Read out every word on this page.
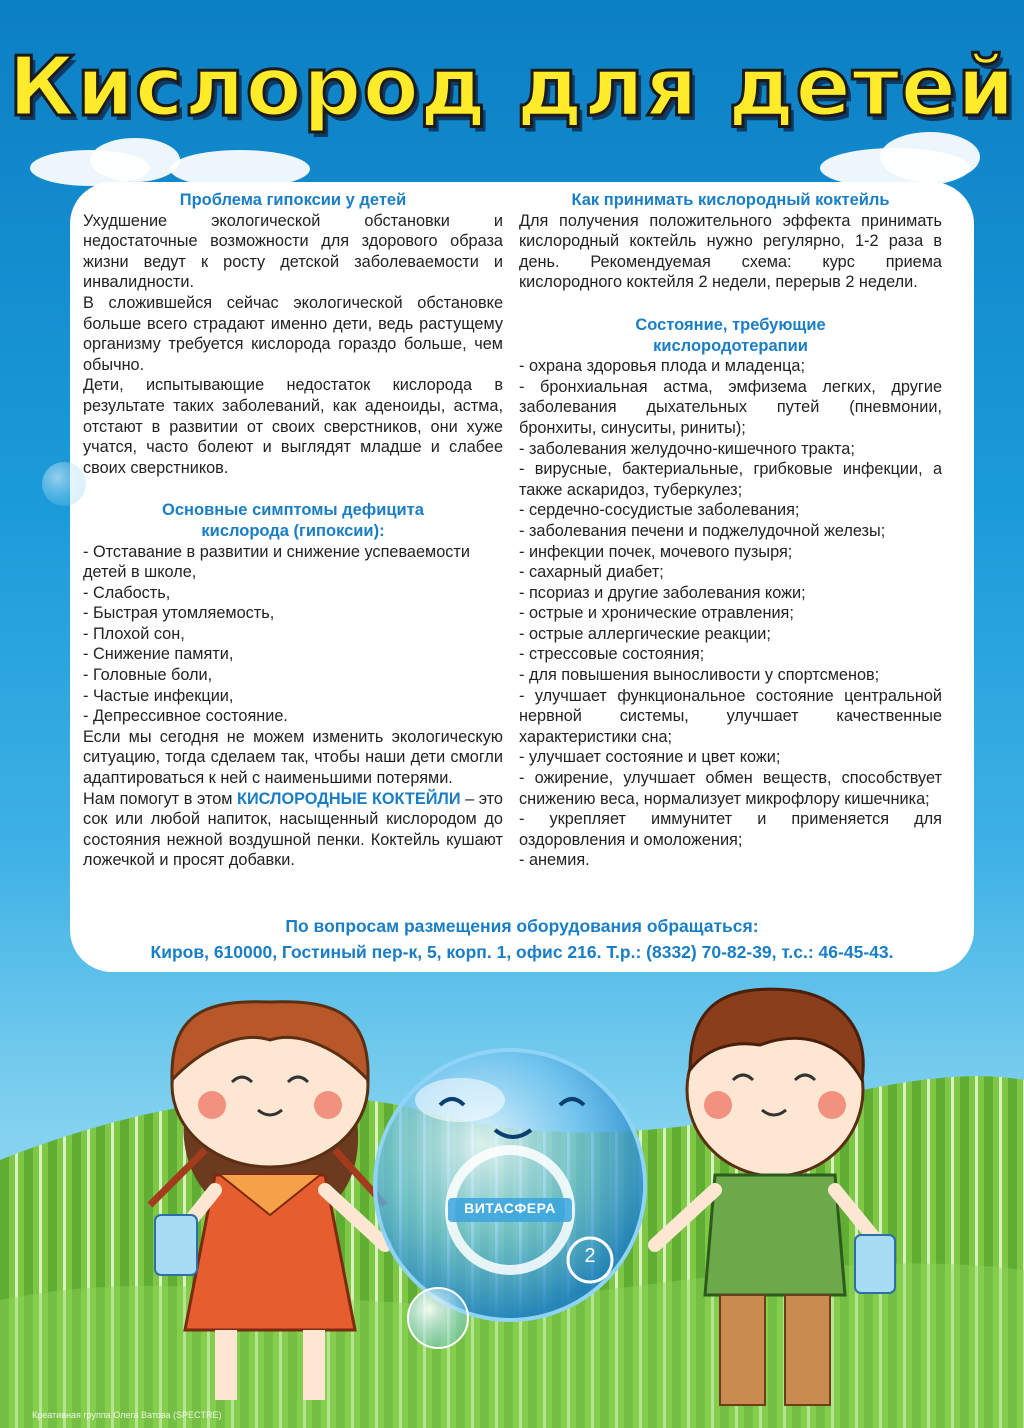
Кислород для детей
Проблема гипоксии у детей

Ухудшение экологической обстановки и недостаточные возможности для здорового образа жизни ведут к росту детской заболеваемости и инвалидности.

В сложившейся сейчас экологической обстановке больше всего страдают именно дети, ведь растущему организму требуется кислорода гораздо больше, чем обычно.

Дети, испытывающие недостаток кислорода в результате таких заболеваний, как аденоиды, астма, отстают в развитии от своих сверстников, они хуже учатся, часто болеют и выглядят младше и слабее своих сверстников.

Основные симптомы дефицита кислорода (гипоксии):
- Отставание в развитии и снижение успеваемости детей в школе,
- Слабость,
- Быстрая утомляемость,
- Плохой сон,
- Снижение памяти,
- Головные боли,
- Частые инфекции,
- Депрессивное состояние.

Если мы сегодня не можем изменить экологическую ситуацию, тогда сделаем так, чтобы наши дети смогли адаптироваться к ней с наименьшими потерями.

Нам помогут в этом КИСЛОРОДНЫЕ КОКТЕЙЛИ – это сок или любой напиток, насыщенный кислородом до состояния нежной воздушной пенки. Коктейль кушают ложечкой и просят добавки.

Как принимать кислородный коктейль

Для получения положительного эффекта принимать кислородный коктейль нужно регулярно, 1-2 раза в день. Рекомендуемая схема: курс приема кислородного коктейля 2 недели, перерыв 2 недели.

Состояние, требующие кислородотерапии
- охрана здоровья плода и младенца;
- бронхиальная астма, эмфизема легких, другие заболевания дыхательных путей (пневмонии, бронхиты, синуситы, риниты);
- заболевания желудочно-кишечного тракта;
- вирусные, бактериальные, грибковые инфекции, а также аскаридоз, туберкулез;
- сердечно-сосудистые заболевания;
- заболевания печени и поджелудочной железы;
- инфекции почек, мочевого пузыря;
- сахарный диабет;
- псориаз и другие заболевания кожи;
- острые и хронические отравления;
- острые аллергические реакции;
- стрессовые состояния;
- для повышения выносливости у спортсменов;
- улучшает функциональное состояние центральной нервной системы, улучшает качественные характеристики сна;
- улучшает состояние и цвет кожи;
- ожирение, улучшает обмен веществ, способствует снижению веса, нормализует микрофлору кишечника;
- укрепляет иммунитет и применяется для оздоровления и омоложения;
- анемия.
По вопросам размещения оборудования обращаться:
Киров, 610000, Гостиный пер-к, 5, корп. 1, офис 216. Т.р.: (8332) 70-82-39, т.с.: 46-45-43.
ВИТАСФЕРА
2
Креативная группа Олега Ватова (SPECTRE)
